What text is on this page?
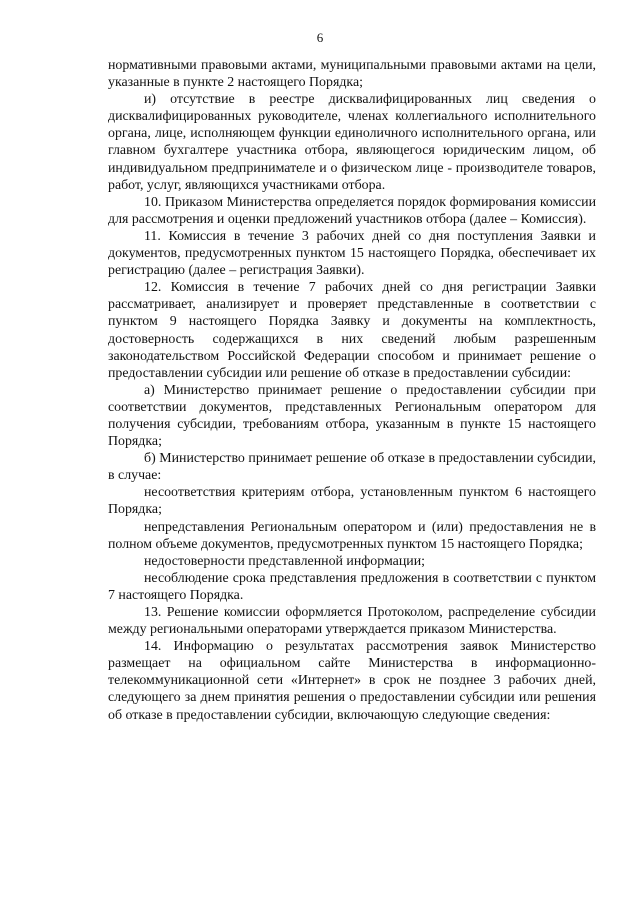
6

нормативными правовыми актами, муниципальными правовыми актами на цели, указанные в пункте 2 настоящего Порядка;

и) отсутствие в реестре дисквалифицированных лиц сведения о дисквалифицированных руководителе, членах коллегиального исполнительного органа, лице, исполняющем функции единоличного исполнительного органа, или главном бухгалтере участника отбора, являющегося юридическим лицом, об индивидуальном предпринимателе и о физическом лице - производителе товаров, работ, услуг, являющихся участниками отбора.

10. Приказом Министерства определяется порядок формирования комиссии для рассмотрения и оценки предложений участников отбора (далее – Комиссия).

11. Комиссия в течение 3 рабочих дней со дня поступления Заявки и документов, предусмотренных пунктом 15 настоящего Порядка, обеспечивает их регистрацию (далее – регистрация Заявки).

12. Комиссия в течение 7 рабочих дней со дня регистрации Заявки рассматривает, анализирует и проверяет представленные в соответствии с пунктом 9 настоящего Порядка Заявку и документы на комплектность, достоверность содержащихся в них сведений любым разрешенным законодательством Российской Федерации способом и принимает решение о предоставлении субсидии или решение об отказе в предоставлении субсидии:

а) Министерство принимает решение о предоставлении субсидии при соответствии документов, представленных Региональным оператором для получения субсидии, требованиям отбора, указанным в пункте 15 настоящего Порядка;

б) Министерство принимает решение об отказе в предоставлении субсидии, в случае:

несоответствия критериям отбора, установленным пунктом 6 настоящего Порядка;

непредставления Региональным оператором и (или) предоставления не в полном объеме документов, предусмотренных пунктом 15 настоящего Порядка;

недостоверности представленной информации;

несоблюдение срока представления предложения в соответствии с пунктом 7 настоящего Порядка.

13. Решение комиссии оформляется Протоколом, распределение субсидии между региональными операторами утверждается приказом Министерства.

14. Информацию о результатах рассмотрения заявок Министерство размещает на официальном сайте Министерства в информационно-телекоммуникационной сети «Интернет» в срок не позднее 3 рабочих дней, следующего за днем принятия решения о предоставлении субсидии или решения об отказе в предоставлении субсидии, включающую следующие сведения:
